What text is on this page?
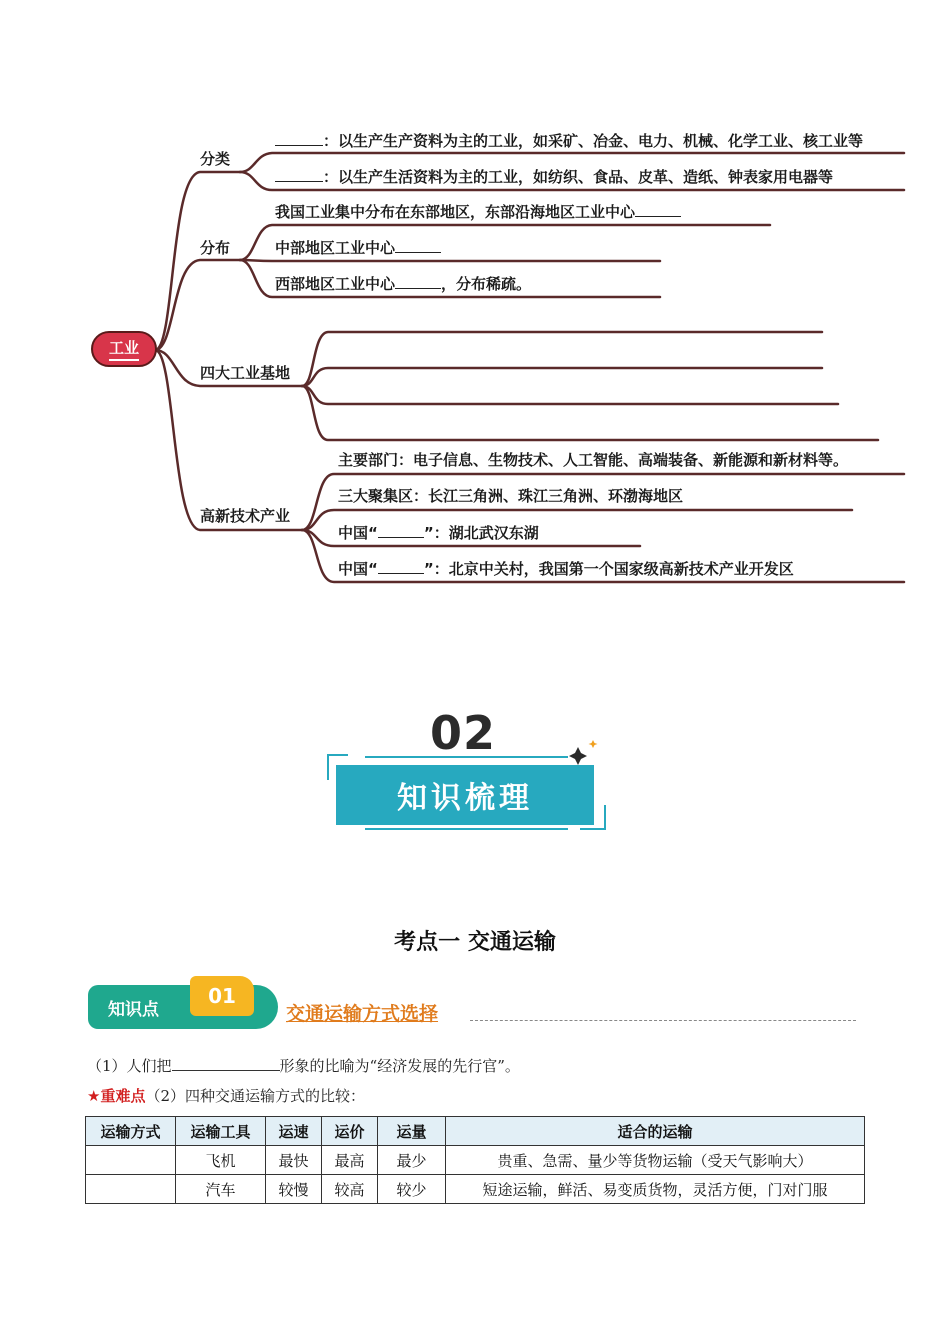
工业
分类
分布
四大工业基地
高新技术产业
：以生产生产资料为主的工业，如采矿、冶金、电力、机械、化学工业、核工业等
：以生产生活资料为主的工业，如纺织、食品、皮革、造纸、钟表家用电器等
我国工业集中分布在东部地区，东部沿海地区工业中心
中部地区工业中心
西部地区工业中心	，分布稀疏。
主要部门：电子信息、生物技术、人工智能、高端装备、新能源和新材料等。
三大聚集区：长江三角洲、珠江三角洲、环渤海地区
中国“	”：湖北武汉东湖
中国“	”：北京中关村，我国第一个国家级高新技术产业开发区
02
知识梳理
考点一 交通运输
知识点
01
交通运输方式选择
（1）人们把	形象的比喻为“经济发展的先行官”。
★重难点（2）四种交通运输方式的比较：
运输方式	运输工具	运速	运价	运量	适合的运输
	飞机	最快	最高	最少	贵重、急需、量少等货物运输（受天气影响大）
	汽车	较慢	较高	较少	短途运输，鲜活、易变质货物，灵活方便，门对门服
